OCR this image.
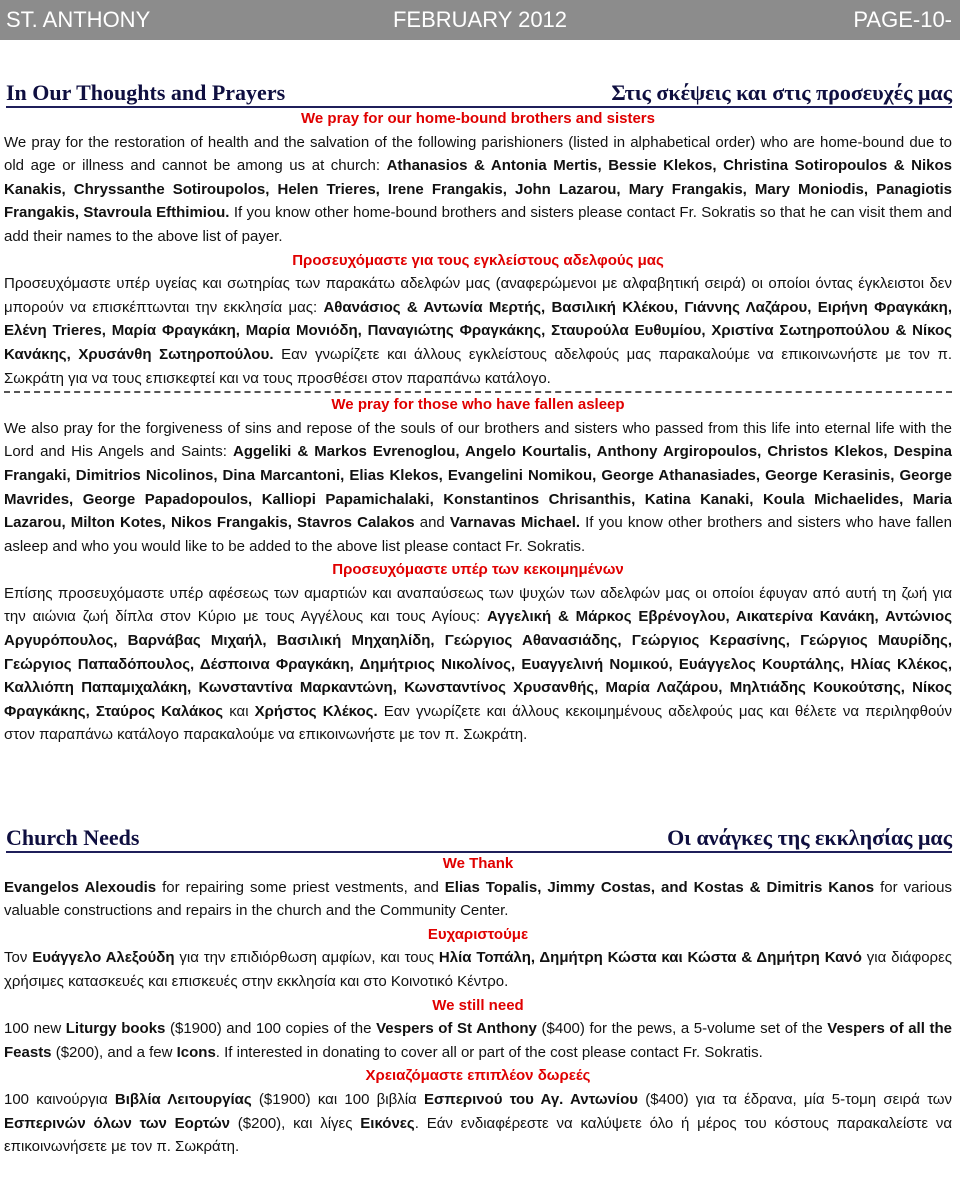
ST. ANTHONY	FEBRUARY 2012	PAGE-10-
In Our Thoughts and Prayers	Στις σκέψεις και στις προσευχές μας

We pray for our home-bound brothers and sisters

We pray for the restoration of health and the salvation of the following parishioners (listed in alphabetical order) who are home-bound due to old age or illness and cannot be among us at church: Athanasios & Antonia Mertis, Bessie Klekos, Christina Sotiropoulos & Nikos Kanakis, Chryssanthe Sotiroupolos, Helen Trieres, Irene Frangakis, John Lazarou, Mary Frangakis, Mary Moniodis, Panagiotis Frangakis, Stavroula Efthimiou. If you know other home-bound brothers and sisters please contact Fr. Sokratis so that he can visit them and add their names to the above list of payer.

Προσευχόμαστε για τους εγκλείστους αδελφούς μας

Προσευχόμαστε υπέρ υγείας και σωτηρίας των παρακάτω αδελφών μας (αναφερώμενοι με αλφαβητική σειρά) οι οποίοι όντας έγκλειστοι δεν μπορούν να επισκέπτωνται την εκκλησία μας: Αθανάσιος & Αντωνία Μερτής, Βασιλική Κλέκου, Γιάννης Λαζάρου, Ειρήνη Φραγκάκη, Ελένη Trieres, Μαρία Φραγκάκη, Μαρία Μονιόδη, Παναγιώτης Φραγκάκης, Σταυρούλα Ευθυμίου, Χριστίνα Σωτηροπούλου & Νίκος Κανάκης, Χρυσάνθη Σωτηροπούλου. Εαν γνωρίζετε και άλλους εγκλείστους αδελφούς μας παρακαλούμε να επικοινωνήστε με τον π. Σωκράτη για να τους επισκεφτεί και να τους προσθέσει στον παραπάνω κατάλογο.

We pray for those who have fallen asleep

We also pray for the forgiveness of sins and repose of the souls of our brothers and sisters who passed from this life into eternal life with the Lord and His Angels and Saints: Aggeliki & Markos Evrenoglou, Angelo Kourtalis, Anthony Argiropoulos, Christos Klekos, Despina Frangaki, Dimitrios Nicolinos, Dina Marcantoni, Elias Klekos, Evangelini Nomikou, George Athanasiades, George Kerasinis, George Mavrides, George Papadopoulos, Kalliopi Papamichalaki, Konstantinos Chrisanthis, Katina Kanaki, Koula Michaelides, Maria Lazarou, Milton Kotes, Nikos Frangakis, Stavros Calakos and Varnavas Michael. If you know other brothers and sisters who have fallen asleep and who you would like to be added to the above list please contact Fr. Sokratis.

Προσευχόμαστε υπέρ των κεκοιμημένων

Επίσης προσευχόμαστε υπέρ αφέσεως των αμαρτιών και αναπαύσεως των ψυχών των αδελφών μας οι οποίοι έφυγαν από αυτή τη ζωή για την αιώνια ζωή δίπλα στον Κύριο με τους Αγγέλους και τους Αγίους: Αγγελική & Μάρκος Εβρένογλου, Αικατερίνα Κανάκη, Αντώνιος Αργυρόπουλος, Βαρνάβας Μιχαήλ, Βασιλική Μηχαηλίδη, Γεώργιος Αθανασιάδης, Γεώργιος Κερασίνης, Γεώργιος Μαυρίδης, Γεώργιος Παπαδόπουλος, Δέσποινα Φραγκάκη, Δημήτριος Νικολίνος, Ευαγγελινή Νομικού, Ευάγγελος Κουρτάλης, Ηλίας Κλέκος, Καλλιόπη Παπαμιχαλάκη, Κωνσταντίνα Μαρκαντώνη, Κωνσταντίνος Χρυσανθής, Μαρία Λαζάρου, Μηλτιάδης Κουκούτσης, Νίκος Φραγκάκης, Σταύρος Καλάκος και Χρήστος Κλέκος. Εαν γνωρίζετε και άλλους κεκοιμημένους αδελφούς μας και θέλετε να περιληφθούν στον παραπάνω κατάλογο παρακαλούμε να επικοινωνήστε με τον π. Σωκράτη.

Church Needs	Οι ανάγκες της εκκλησίας μας

We Thank

Evangelos Alexoudis for repairing some priest vestments, and Elias Topalis, Jimmy Costas, and Kostas & Dimitris Kanos for various valuable constructions and repairs in the church and the Community Center.

Ευχαριστούμε

Τον Ευάγγελο Αλεξούδη για την επιδιόρθωση αμφίων, και τους Ηλία Τοπάλη, Δημήτρη Κώστα και Κώστα & Δημήτρη Κανό για διάφορες χρήσιμες κατασκευές και επισκευές στην εκκλησία και στο Κοινοτικό Κέντρο.

We still need

100 new Liturgy books ($1900) and 100 copies of the Vespers of St Anthony ($400) for the pews, a 5-volume set of the Vespers of all the Feasts ($200), and a few Icons. If interested in donating to cover all or part of the cost please contact Fr. Sokratis.

Χρειαζόμαστε επιπλέον δωρεές

100 καινούργια Βιβλία Λειτουργίας ($1900) και 100 βιβλία Εσπερινού του Αγ. Αντωνίου ($400) για τα έδρανα, μία 5-τομη σειρά των Εσπερινών όλων των Εορτών ($200), και λίγες Εικόνες. Εάν ενδιαφέρεστε να καλύψετε όλο ή μέρος του κόστους παρακαλείστε να επικοινωνήσετε με τον π. Σωκράτη.
